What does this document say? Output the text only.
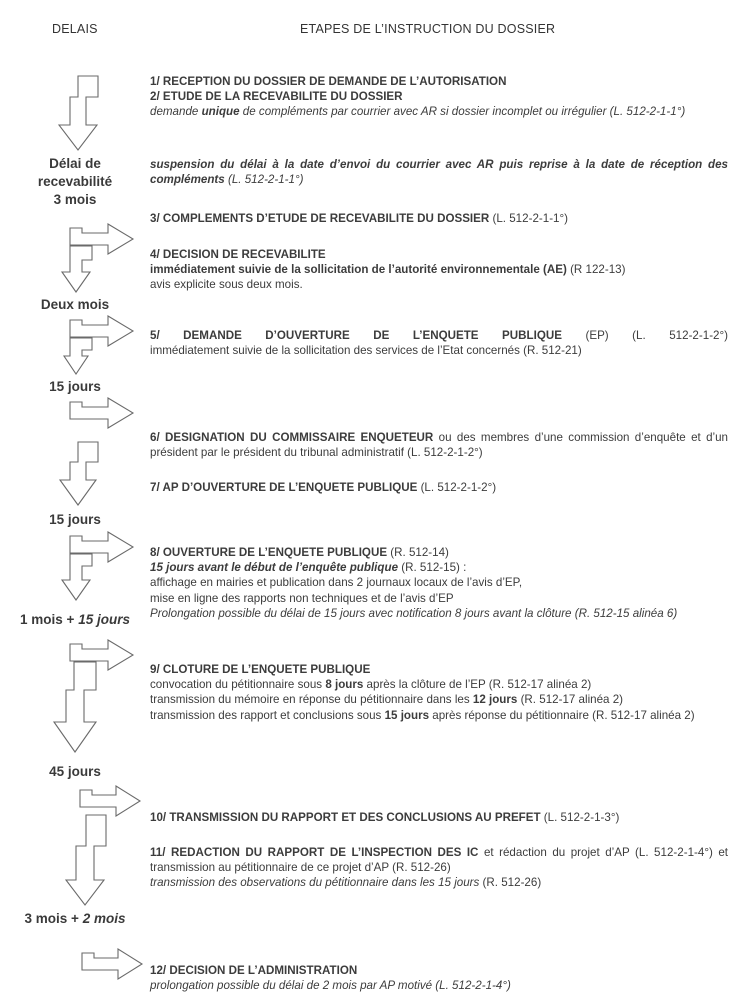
DELAIS	ETAPES DE L’INSTRUCTION DU DOSSIER
Délai de
recevabilité
3 mois
Deux mois
15 jours
15 jours
1 mois + 15 jours
45 jours
3 mois + 2 mois

1/ RECEPTION DU DOSSIER DE DEMANDE DE L’AUTORISATION

2/ ETUDE DE LA RECEVABILITE DU DOSSIER

demande unique de compléments par courrier avec AR si dossier incomplet ou irrégulier (L. 512-2-1-1°)

suspension du délai à la date d’envoi du courrier avec AR puis reprise à la date de réception des compléments (L. 512-2-1-1°)

3/ COMPLEMENTS D’ETUDE DE RECEVABILITE DU DOSSIER (L. 512-2-1-1°)

4/ DECISION DE RECEVABILITE

immédiatement suivie de la sollicitation de l’autorité environnementale (AE) (R 122-13)

avis explicite sous deux mois.

5/ DEMANDE D’OUVERTURE DE L’ENQUETE PUBLIQUE (EP) (L. 512-2-1-2°)

immédiatement suivie de la sollicitation des services de l’Etat concernés (R. 512-21)

6/ DESIGNATION DU COMMISSAIRE ENQUETEUR ou des membres d’une commission d’enquête et d’un président par le président du tribunal administratif (L. 512-2-1-2°)

7/ AP D’OUVERTURE DE L’ENQUETE PUBLIQUE (L. 512-2-1-2°)

8/ OUVERTURE DE L’ENQUETE PUBLIQUE (R. 512-14)

15 jours avant le début de l’enquête publique (R. 512-15) :

affichage en mairies et publication dans 2 journaux locaux de l’avis d’EP,

mise en ligne des rapports non techniques et de l’avis d’EP

Prolongation possible du délai de 15 jours avec notification 8 jours avant la clôture (R. 512-15 alinéa 6)

9/ CLOTURE DE L’ENQUETE PUBLIQUE

convocation du pétitionnaire sous 8 jours après la clôture de l’EP (R. 512-17 alinéa 2)

transmission du mémoire en réponse du pétitionnaire dans les 12 jours (R. 512-17 alinéa 2)

transmission des rapport et conclusions sous 15 jours après réponse du pétitionnaire (R. 512-17 alinéa 2)

10/ TRANSMISSION DU RAPPORT ET DES CONCLUSIONS AU PREFET (L. 512-2-1-3°)

11/ REDACTION DU RAPPORT DE L’INSPECTION DES IC et rédaction du projet d’AP (L. 512-2-1-4°) et transmission au pétitionnaire de ce projet d’AP (R. 512-26)

transmission des observations du pétitionnaire dans les 15 jours (R. 512-26)

12/ DECISION DE L’ADMINISTRATION

prolongation possible du délai de 2 mois par AP motivé (L. 512-2-1-4°)
